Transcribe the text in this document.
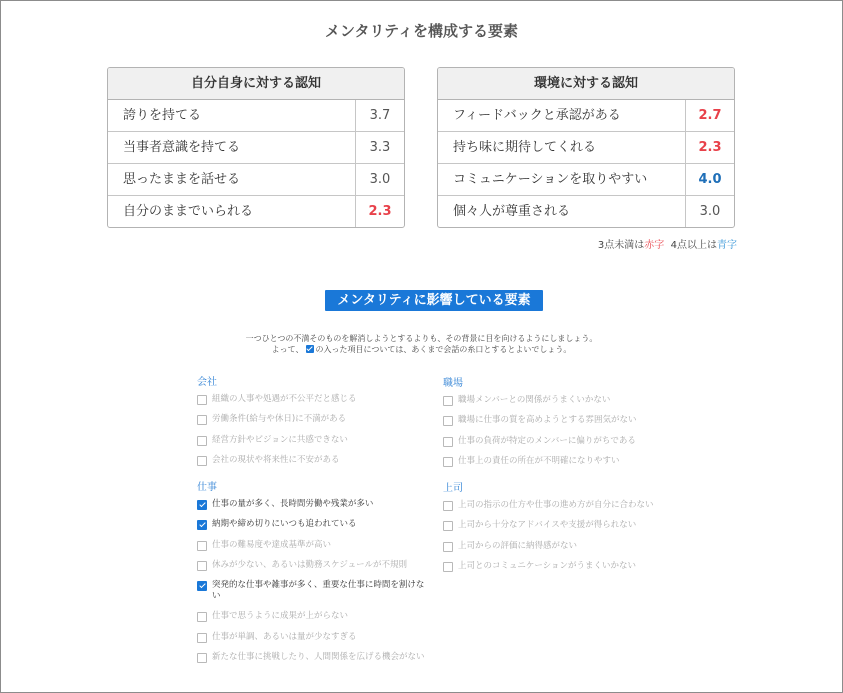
メンタリティを構成する要素
自分自身に対する認知
誇りを持てる	3.7
当事者意識を持てる	3.3
思ったままを話せる	3.0
自分のままでいられる	2.3
環境に対する認知
フィードバックと承認がある	2.7
持ち味に期待してくれる	2.3
コミュニケーションを取りやすい	4.0
個々人が尊重される	3.0
3点未満は赤字 4点以上は青字
メンタリティに影響している要素
一つひとつの不満そのものを解消しようとするよりも、その背景に目を向けるようにしましょう。
よって、 の入った項目については、あくまで会話の糸口とするとよいでしょう。
会社
組織の人事や処遇が不公平だと感じる
労働条件(給与や休日)に不満がある
経営方針やビジョンに共感できない
会社の現状や将来性に不安がある
仕事
仕事の量が多く、長時間労働や残業が多い
納期や締め切りにいつも追われている
仕事の難易度や達成基準が高い
休みが少ない、あるいは勤務スケジュールが不規則
突発的な仕事や雑事が多く、重要な仕事に時間を割けない
仕事で思うように成果が上がらない
仕事が単調、あるいは量が少なすぎる
新たな仕事に挑戦したり、人間関係を広げる機会がない
職場
職場メンバーとの関係がうまくいかない
職場に仕事の質を高めようとする雰囲気がない
仕事の負荷が特定のメンバーに偏りがちである
仕事上の責任の所在が不明確になりやすい
上司
上司の指示の仕方や仕事の進め方が自分に合わない
上司から十分なアドバイスや支援が得られない
上司からの評価に納得感がない
上司とのコミュニケーションがうまくいかない
